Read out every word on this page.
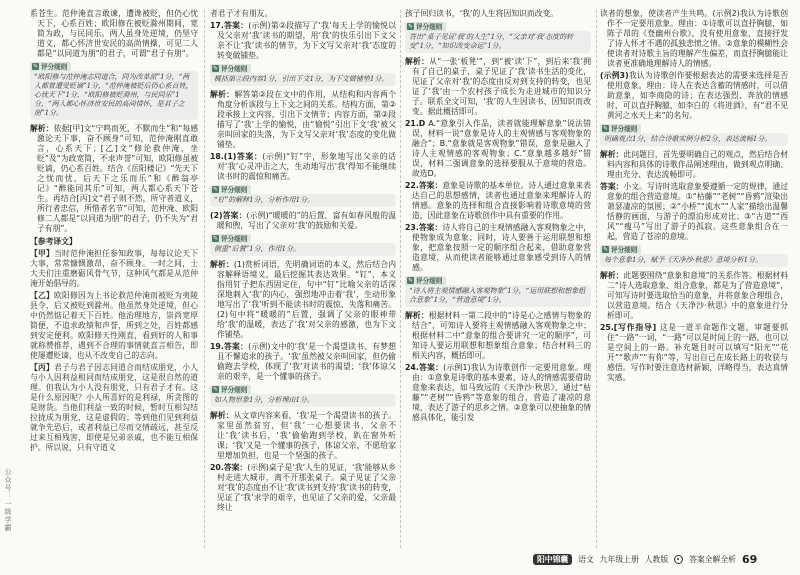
公众号：一级学霸

系苍生。范仲淹直言敢谏，遭谗被贬，但仍心忧天下，心系百姓；欧阳修在被贬滁州期间，宽简为政，与民同乐。两人虽身处逆境，仍坚守道义，都心怀济世安民的高尚情操，可见二人都是“以同道为朋”的君子，可谓“君子有朋”。

✎ 评分细则
“欧阳修与范仲淹志同道合，同为改革派”1分，“两人都曾遭受贬谪”1分，“范仲淹被贬后仍心系百姓，心忧天下”1分，“欧阳修被贬滁州，与民同乐”1分，“两人都心怀济世安民的高尚情怀，是君子之朋”1分。

解析：依据[甲]文“宁鸣而死，不默而生”和“每感激论天下事，奋不顾身”可知，范仲淹刚直敢言，心系天下；[乙]文“修论救仲淹，坐贬”及“为政宽简，不求声誉”可知，欧阳修虽被贬谪，仍心系百姓。结合《岳阳楼记》“先天下之忧而忧，后天下之乐而乐”和《醉翁亭记》“醉能同其乐”可知，两人都心系天下苍生。再结合[丙]文“君子则不然，所守者道义，所行者忠信，所惜者名节”可知，范仲淹、欧阳修二人都是“以同道为朋”的君子，仍不失为“君子有朋”。

【参考译文】

【甲】当时范仲淹担任参知政事，每每议论天下大事，常常慷慨激昂，奋不顾身。一时之间，士大夫们注重磨砺风骨气节，这种风气都是从范仲淹开始倡导的。

【乙】欧阳修因为上书论救范仲淹而被贬为夷陵县令，后又被贬到滁州。他虽然身处逆境，但心中仍然惦记着天下百姓。他治理地方，崇尚宽厚简便，不追求政绩和声誉，所到之处，百姓都感到安定便利。欧阳修天性刚直，看到好的人和事就称赞推荐，遇到不合理的事情就直言相告，即使屡遭贬谪，也从不改变自己的志向。

【丙】君子与君子因志同道合而结成朋党，小人与小人因利益相同而结成朋党，这是很自然的道理。但我认为小人没有朋党，只有君子才有。这是什么原因呢？小人所喜好的是利禄，所贪图的是财货。当他们利益一致的时候，暂时互相勾结拉拢成为朋党，这是虚假的；等到他们见到利益就争先恐后，或者利益已尽而交情疏远，甚至反过来互相残害，即使是兄弟亲戚，也不能互相保护。所以说，只有守道义

者君子才有朋友。

17.答案：(示例)第②段描写了‘我’每天上学的愉悦以及父亲对‘我’读书的期望，用‘我’的快乐引出下文父亲不让‘我’读书的情节，为下文写父亲对‘我’态度的转变做铺垫。

✎ 评分细则
概括第②段内容1分，引出下文1分，为下文做铺垫1分。

解析：解答第②段在文中的作用，从结构和内容两个角度分析该段与上下文之间的关系。结构方面，第②段承接上文内容，引出下文情节；内容方面，第②段描写了‘我’上学的愉悦，由“愉悦”引出下文‘我’被父亲叫回家的失落，为下文写父亲对‘我’态度的变化做铺垫。

18.(1)答案：(示例)“钉”字，形象地写出父亲的话对‘我’心灵冲击之大，生动地写出‘我’得知不能继续读书时的震惊和痛苦。

✎ 评分细则
“钉”的解释1分，分析作用1分。

(2)答案：(示例)“暖暖的”的后置，富有如春风般的温暖和煦，写出了父亲对‘我’的鼓励和关爱。

✎ 评分细则
侧重“后置”1分，作用1分。

解析：(1)赏析词语，先明确词语的本义，然后结合内容解释语境义，最后挖掘其表达效果。“钉”，本义指用钉子把东西固定住，句中“钉”比喻父亲的话深深地刺入‘我’的内心，强烈地冲击着‘我’，生动形象地写出了‘我’听到不能读书时的震惊、失落和痛苦。(2)句中将“暖暖的”后置，强调了父亲的眼神带给‘我’的温暖，表达了‘我’对父亲的感激，也为下文作铺垫。

19.答案：(示例)文中的‘我’是一个渴望读书、有梦想且不懈追求的孩子。‘我’虽然被父亲叫回家，但仍偷偷跑去学校，体现了‘我’对读书的渴望；‘我’体谅父亲的艰辛，是一个懂事的孩子。

✎ 评分细则
如人物形象1分，分析理由1分。

解析：从文章内容来看，‘我’是一个渴望读书的孩子。家里虽然贫穷，但‘我’一心想要读书，父亲不让‘我’读书后，‘我’偷偷跑到学校，趴在窗外听课；‘我’又是一个懂事的孩子，体谅父亲，不愿给家里增加负担，也是一个坚强的孩子。

20.答案：(示例)桌子是‘我’人生的见证，‘我’能够从乡村走进大城市，离不开那张桌子。桌子见证了父亲对‘我’的态度由不让‘我’读书到支持‘我’读书的转变，见证了‘我’求学的艰辛，也见证了父亲的爱，父亲最终让

孩子回归读书，‘我’的人生将因知识而改变。

✎ 评分细则
答出“桌子见证‘我’的人生”1分，“父亲对‘我’态度的转变”1分，“知识改变命运”1分。

解析：从“一张‘板凳’”，到“被‘读’下”，到后来‘我’拥有了自己的桌子，桌子见证了‘我’读书生活的变化，见证了父亲对‘我’的态度由反对到支持的转变，也见证了‘我’由一个农村孩子成长为走进城市的知识分子。联系全文可知，‘我’的人生因读书、因知识而改变。据此概括即可。

21.D A.“意象引入作品，读者就能理解意象”说法错误，材料一说“意象是诗人的主观情感与客观物象的融合”；B.“意象就是客观物象”错误，意象是融入了诗人主观情感的客观物象；C.“意象越多越好”错误，材料二强调意象的选择要服从于意境的营造。故选D。

22.答案：意象是诗歌的基本单位。诗人通过意象来表达自己的思想感情，读者也通过意象来理解诗人的情感。意象的选择和组合直接影响着诗歌意境的营造，因此意象在诗歌创作中具有重要的作用。

23.答案：诗人将自己的主观情感融入客观物象之中，使物象成为意象；同时，诗人要善于运用联想和想象，把意象按照一定的顺序组合起来，借助意象营造意境，从而使读者能够通过意象感受到诗人的情感。

✎ 评分细则
“诗人将主观情感融入客观物象”1分，“运用联想和想象组合意象”1分，“营造意境”1分。

解析：根据材料一第二段中的“诗是心之感情与物象的结合”，可知诗人要将主观情感融入客观物象之中；根据材料二中“意象的组合要讲究一定的顺序”，可知诗人要运用联想和想象组合意象；结合材料三的相关内容，概括即可。

24.答案：(示例1)我认为诗歌创作一定要用意象。理由：①意象是诗歌的基本要素，诗人的情感需要借助意象来表达，如马致远的《天净沙·秋思》，通过“枯藤”“老树”“昏鸦”等意象的组合，营造了凄凉的意境，表达了游子的思乡之情。②意象可以使抽象的情感具体化，能引发

读者的想象，使读者产生共鸣。(示例2)我认为诗歌创作不一定要用意象。理由：①诗歌可以直抒胸臆，如陈子昂的《登幽州台歌》，没有使用意象，直接抒发了诗人怀才不遇的孤独悲愤之情。②意象的模糊性会使读者对诗歌主旨的理解产生偏差，而直抒胸臆能让读者更准确地理解诗人的情感。

(示例3)我认为诗歌创作要根据表达的需要来选择是否使用意象。理由：诗人在表达含蓄的情感时，可以借助意象，如李商隐的诗；在表达强烈、奔放的情感时，可以直抒胸臆，如李白的《将进酒》，有“君不见黄河之水天上来”的名句。

✎ 评分细则
明确观点1分，结合诗歌实例分析2分，表达流畅1分。

解析：此问题目，首先要明确自己的观点，然后结合材料内容和具体的诗歌作品阐述理由，做到观点明确、理由充分、表达流畅即可。

答案：小文。写诗时选取意象要遵循一定的规律，通过意象的组合营造意境。①“枯藤”“老树”“昏鸦”渲染出萧瑟凄凉的氛围；②“小桥”“流水”“人家”描绘出温馨恬静的画面，与游子的漂泊形成对比；③“古道”“西风”“瘦马”写出了游子的孤寂。这些意象组合在一起，营造了苍凉的意境。

✎ 评分细则
每个意象1分，赋予《天净沙·秋思》意境分析1分。

解析：此题要围绕“意象和意境”的关系作答。根据材料二“诗人选取意象、组合意象，都是为了营造意境”，可知写诗时要选取恰当的意象，并将意象合理组合，以营造意境。结合《天净沙·秋思》中的意象进行分析即可。

25.[写作指导] 这是一道半命题作文题，审题要抓住“一路”一词，“一路”可以是时间上的一路，也可以是空间上的一路。补充题目时可以填写“阳光”“花开”“歌声”“有你”等，写出自己在成长路上的收获与感悟。写作时要注意选材新颖，详略得当，表达真情实感。

阳中锦囊	语文 九年级上册 人教版	答案全解全析 69
